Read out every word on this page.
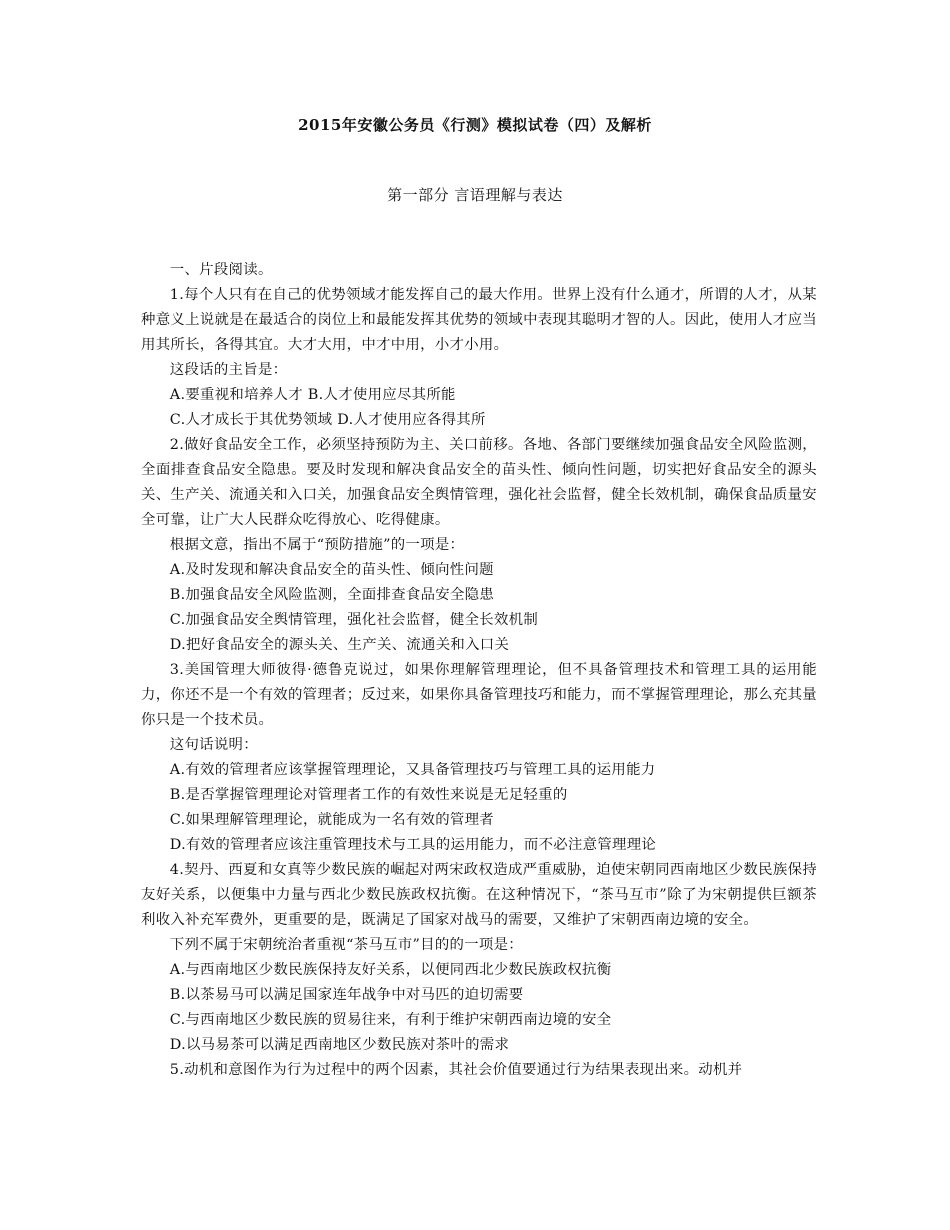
2015年安徽公务员《行测》模拟试卷（四）及解析
第一部分 言语理解与表达

一、片段阅读。

1.每个人只有在自己的优势领域才能发挥自己的最大作用。世界上没有什么通才，所谓的人才，从某种意义上说就是在最适合的岗位上和最能发挥其优势的领域中表现其聪明才智的人。因此，使用人才应当用其所长，各得其宜。大才大用，中才中用，小才小用。

这段话的主旨是：

A.要重视和培养人才 B.人才使用应尽其所能

C.人才成长于其优势领域 D.人才使用应各得其所

2.做好食品安全工作，必须坚持预防为主、关口前移。各地、各部门要继续加强食品安全风险监测，全面排查食品安全隐患。要及时发现和解决食品安全的苗头性、倾向性问题，切实把好食品安全的源头关、生产关、流通关和入口关，加强食品安全舆情管理，强化社会监督，健全长效机制，确保食品质量安全可靠，让广大人民群众吃得放心、吃得健康。

根据文意，指出不属于“预防措施”的一项是：

A.及时发现和解决食品安全的苗头性、倾向性问题

B.加强食品安全风险监测，全面排查食品安全隐患

C.加强食品安全舆情管理，强化社会监督，健全长效机制

D.把好食品安全的源头关、生产关、流通关和入口关

3.美国管理大师彼得·德鲁克说过，如果你理解管理理论，但不具备管理技术和管理工具的运用能力，你还不是一个有效的管理者；反过来，如果你具备管理技巧和能力，而不掌握管理理论，那么充其量你只是一个技术员。

这句话说明：

A.有效的管理者应该掌握管理理论，又具备管理技巧与管理工具的运用能力

B.是否掌握管理理论对管理者工作的有效性来说是无足轻重的

C.如果理解管理理论，就能成为一名有效的管理者

D.有效的管理者应该注重管理技术与工具的运用能力，而不必注意管理理论

4.契丹、西夏和女真等少数民族的崛起对两宋政权造成严重威胁，迫使宋朝同西南地区少数民族保持友好关系，以便集中力量与西北少数民族政权抗衡。在这种情况下，“茶马互市”除了为宋朝提供巨额茶利收入补充军费外，更重要的是，既满足了国家对战马的需要，又维护了宋朝西南边境的安全。

下列不属于宋朝统治者重视“茶马互市”目的的一项是：

A.与西南地区少数民族保持友好关系，以便同西北少数民族政权抗衡

B.以茶易马可以满足国家连年战争中对马匹的迫切需要

C.与西南地区少数民族的贸易往来，有利于维护宋朝西南边境的安全

D.以马易茶可以满足西南地区少数民族对茶叶的需求

5.动机和意图作为行为过程中的两个因素，其社会价值要通过行为结果表现出来。动机并
